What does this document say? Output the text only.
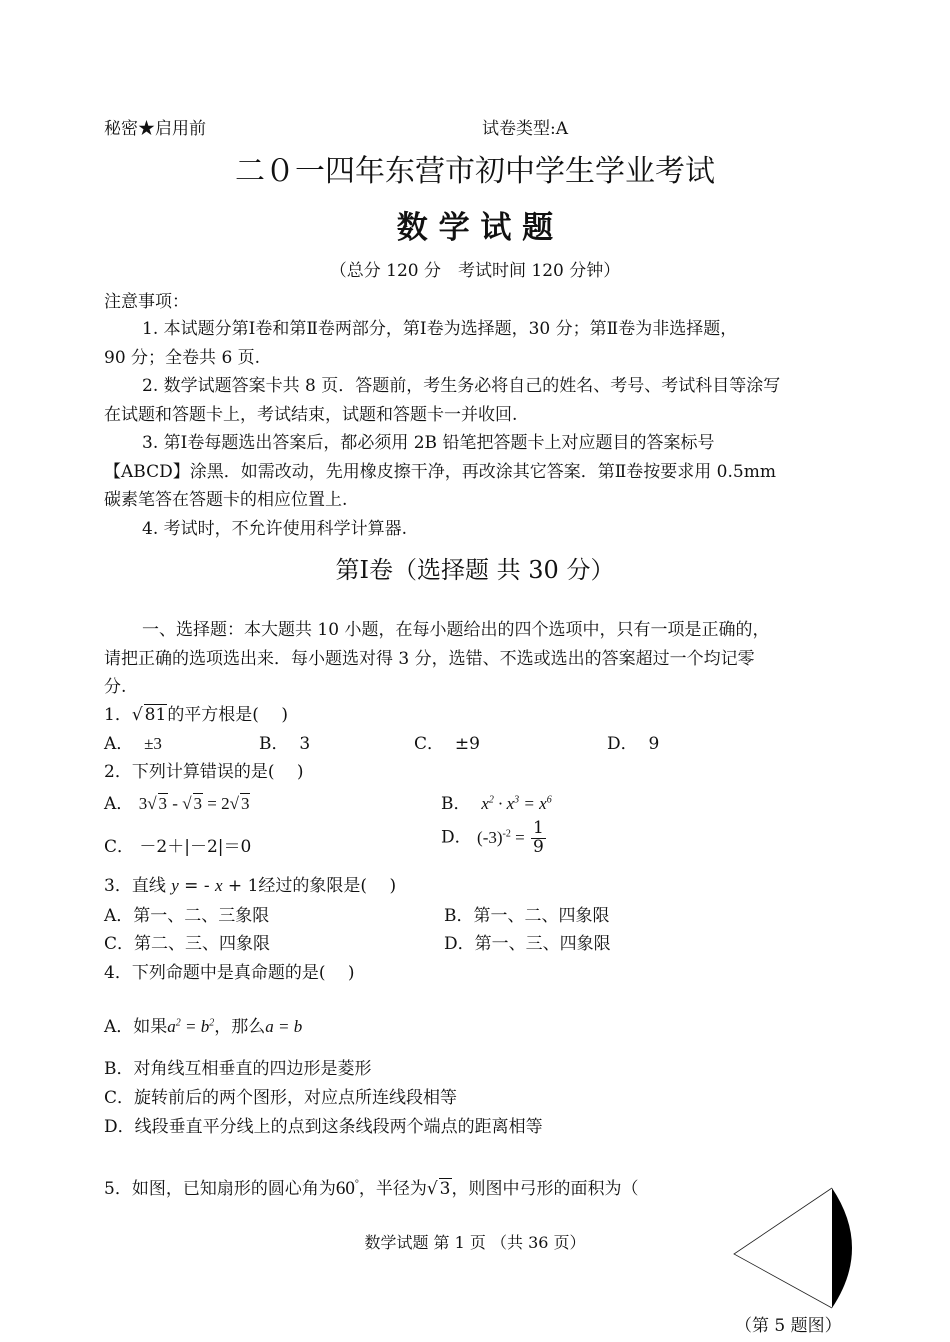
秘密★启用前	试卷类型:A
二０一四年东营市初中学生学业考试
数 学 试 题
（总分 120 分　考试时间 120 分钟）
注意事项：
1. 本试题分第Ⅰ卷和第Ⅱ卷两部分，第Ⅰ卷为选择题，30 分；第Ⅱ卷为非选择题，
90 分；全卷共 6 页.
2. 数学试题答案卡共 8 页．答题前，考生务必将自己的姓名、考号、考试科目等涂写
在试题和答题卡上，考试结束，试题和答题卡一并收回.
3. 第Ⅰ卷每题选出答案后，都必须用 2B 铅笔把答题卡上对应题目的答案标号
【ABCD】涂黑．如需改动，先用橡皮擦干净，再改涂其它答案．第Ⅱ卷按要求用 0.5mm
碳素笔答在答题卡的相应位置上.
4. 考试时，不允许使用科学计算器.
第Ⅰ卷（选择题 共 30 分）
一、选择题：本大题共 10 小题，在每小题给出的四个选项中，只有一项是正确的，
请把正确的选项选出来．每小题选对得 3 分，选错、不选或选出的答案超过一个均记零
分.
1．√ 81的平方根是(　 )
A． ±3	B． 3	C． ±9	D． 9
2．下列计算错误的是(　 )
A． 3√ 3 - √ 3 = 2√ 3	B． $x^2 \cdot x^3 = x^6$
C． －2＋|－2|＝0	D． $(-3)^{-2} = \frac{1}{9}$
3．直线 y = - x + 1经过的象限是(　 )
A．第一、二、三象限	B．第一、二、四象限
C．第二、三、四象限	D．第一、三、四象限
4．下列命题中是真命题的是(　 )
A．如果$a^2 = b^2$，那么a = b
B．对角线互相垂直的四边形是菱形
C．旋转前后的两个图形，对应点所连线段相等
D．线段垂直平分线上的点到这条线段两个端点的距离相等
5．如图，已知扇形的圆心角为60°，半径为√ 3，则图中弓形的面积为（
（第 5 题图）
数学试题 第 1 页 （共 36 页）
